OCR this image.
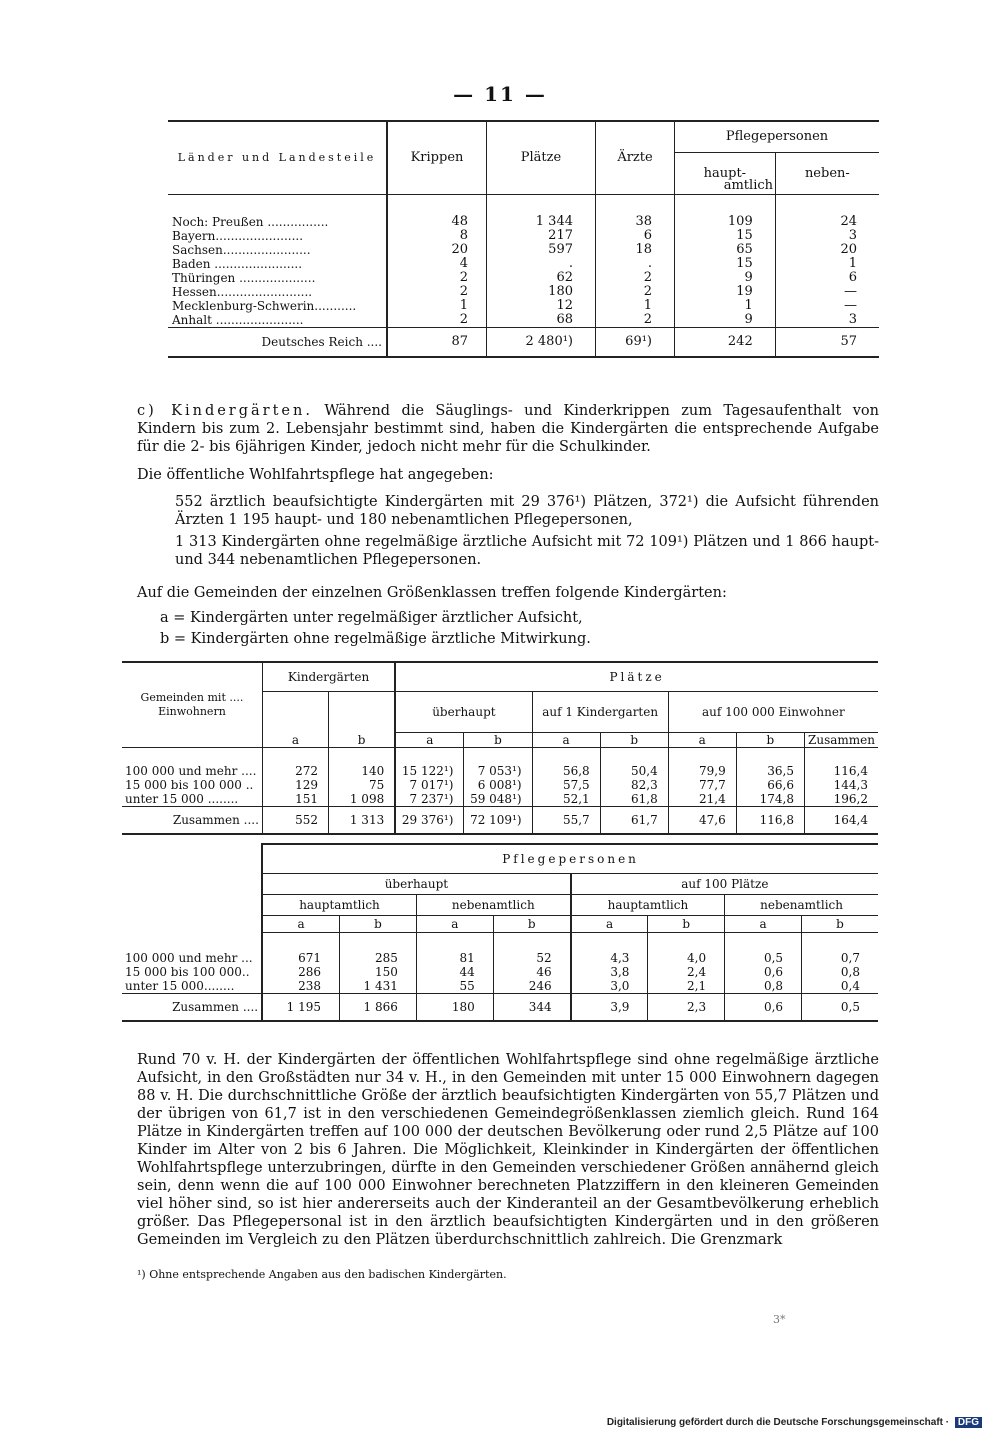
— 11 —
Länder und Landesteile	Krippen	Plätze	Ärzte	Pflegepersonen	
				haupt-	neben-
amtlich

Noch: Preußen ................	48	1 344	38	109	24
Bayern.......................	8	217	6	15	3
Sachsen.......................	20	597	18	65	20
Baden .......................	4	.	.	15	1
Thüringen ....................	2	62	2	9	6
Hessen.........................	2	180	2	19	—
Mecklenburg-Schwerin...........	1	12	1	1	—
Anhalt .......................	2	68	2	9	3
Deutsches Reich ....	87	2 480¹)	69¹)	242	57
c) Kindergärten. Während die Säuglings- und Kinderkrippen zum Tagesaufenthalt von Kindern bis zum 2. Lebensjahr bestimmt sind, haben die Kindergärten die entsprechende Aufgabe für die 2- bis 6jährigen Kinder, jedoch nicht mehr für die Schulkinder.
Die öffentliche Wohlfahrtspflege hat angegeben:
552 ärztlich beaufsichtigte Kindergärten mit 29 376¹) Plätzen, 372¹) die Aufsicht führenden Ärzten 1 195 haupt- und 180 nebenamtlichen Pflegepersonen,
1 313 Kindergärten ohne regelmäßige ärztliche Aufsicht mit 72 109¹) Plätzen und 1 866 haupt- und 344 nebenamtlichen Pflegepersonen.
Auf die Gemeinden der einzelnen Größenklassen treffen folgende Kindergärten:
a = Kindergärten unter regelmäßiger ärztlicher Aufsicht,
b = Kindergärten ohne regelmäßige ärztliche Mitwirkung.
Gemeinden mit .... Einwohnern	Kindergärten		Plätze						
	a	b	überhaupt		auf 1 Kindergarten		auf 100 000 Einwohner		
			a	b	a	b	a	b	Zusammen
100 000 und mehr ....	272	140	15 122¹)	7 053¹)	56,8	50,4	79,9	36,5	116,4
15 000 bis 100 000 ..	129	75	7 017¹)	6 008¹)	57,5	82,3	77,7	66,6	144,3
unter 15 000 ........	151	1 098	7 237¹)	59 048¹)	52,1	61,8	21,4	174,8	196,2
Zusammen ....	552	1 313	29 376¹)	72 109¹)	55,7	61,7	47,6	116,8	164,4
	Pflegepersonen							
	überhaupt				auf 100 Plätze			
	hauptamtlich		nebenamtlich		hauptamtlich		nebenamtlich	
	a	b	a	b	a	b	a	b
100 000 und mehr ...	671	285	81	52	4,3	4,0	0,5	0,7
15 000 bis 100 000..	286	150	44	46	3,8	2,4	0,6	0,8
unter 15 000........	238	1 431	55	246	3,0	2,1	0,8	0,4
Zusammen ....	1 195	1 866	180	344	3,9	2,3	0,6	0,5
Rund 70 v. H. der Kindergärten der öffentlichen Wohlfahrtspflege sind ohne regelmäßige ärztliche Aufsicht, in den Großstädten nur 34 v. H., in den Gemeinden mit unter 15 000 Einwohnern dagegen 88 v. H. Die durchschnittliche Größe der ärztlich beaufsichtigten Kindergärten von 55,7 Plätzen und der übrigen von 61,7 ist in den verschiedenen Gemeindegrößenklassen ziemlich gleich. Rund 164 Plätze in Kindergärten treffen auf 100 000 der deutschen Bevölkerung oder rund 2,5 Plätze auf 100 Kinder im Alter von 2 bis 6 Jahren. Die Möglichkeit, Kleinkinder in Kindergärten der öffentlichen Wohlfahrtspflege unterzubringen, dürfte in den Gemeinden verschiedener Größen annähernd gleich sein, denn wenn die auf 100 000 Einwohner berechneten Platzziffern in den kleineren Gemeinden viel höher sind, so ist hier andererseits auch der Kinderanteil an der Gesamtbevölkerung erheblich größer. Das Pflegepersonal ist in den ärztlich beaufsichtigten Kindergärten und in den größeren Gemeinden im Vergleich zu den Plätzen überdurchschnittlich zahlreich. Die Grenzmark
¹) Ohne entsprechende Angaben aus den badischen Kindergärten.
3*
Digitalisierung gefördert durch die Deutsche Forschungsgemeinschaft · DFG
